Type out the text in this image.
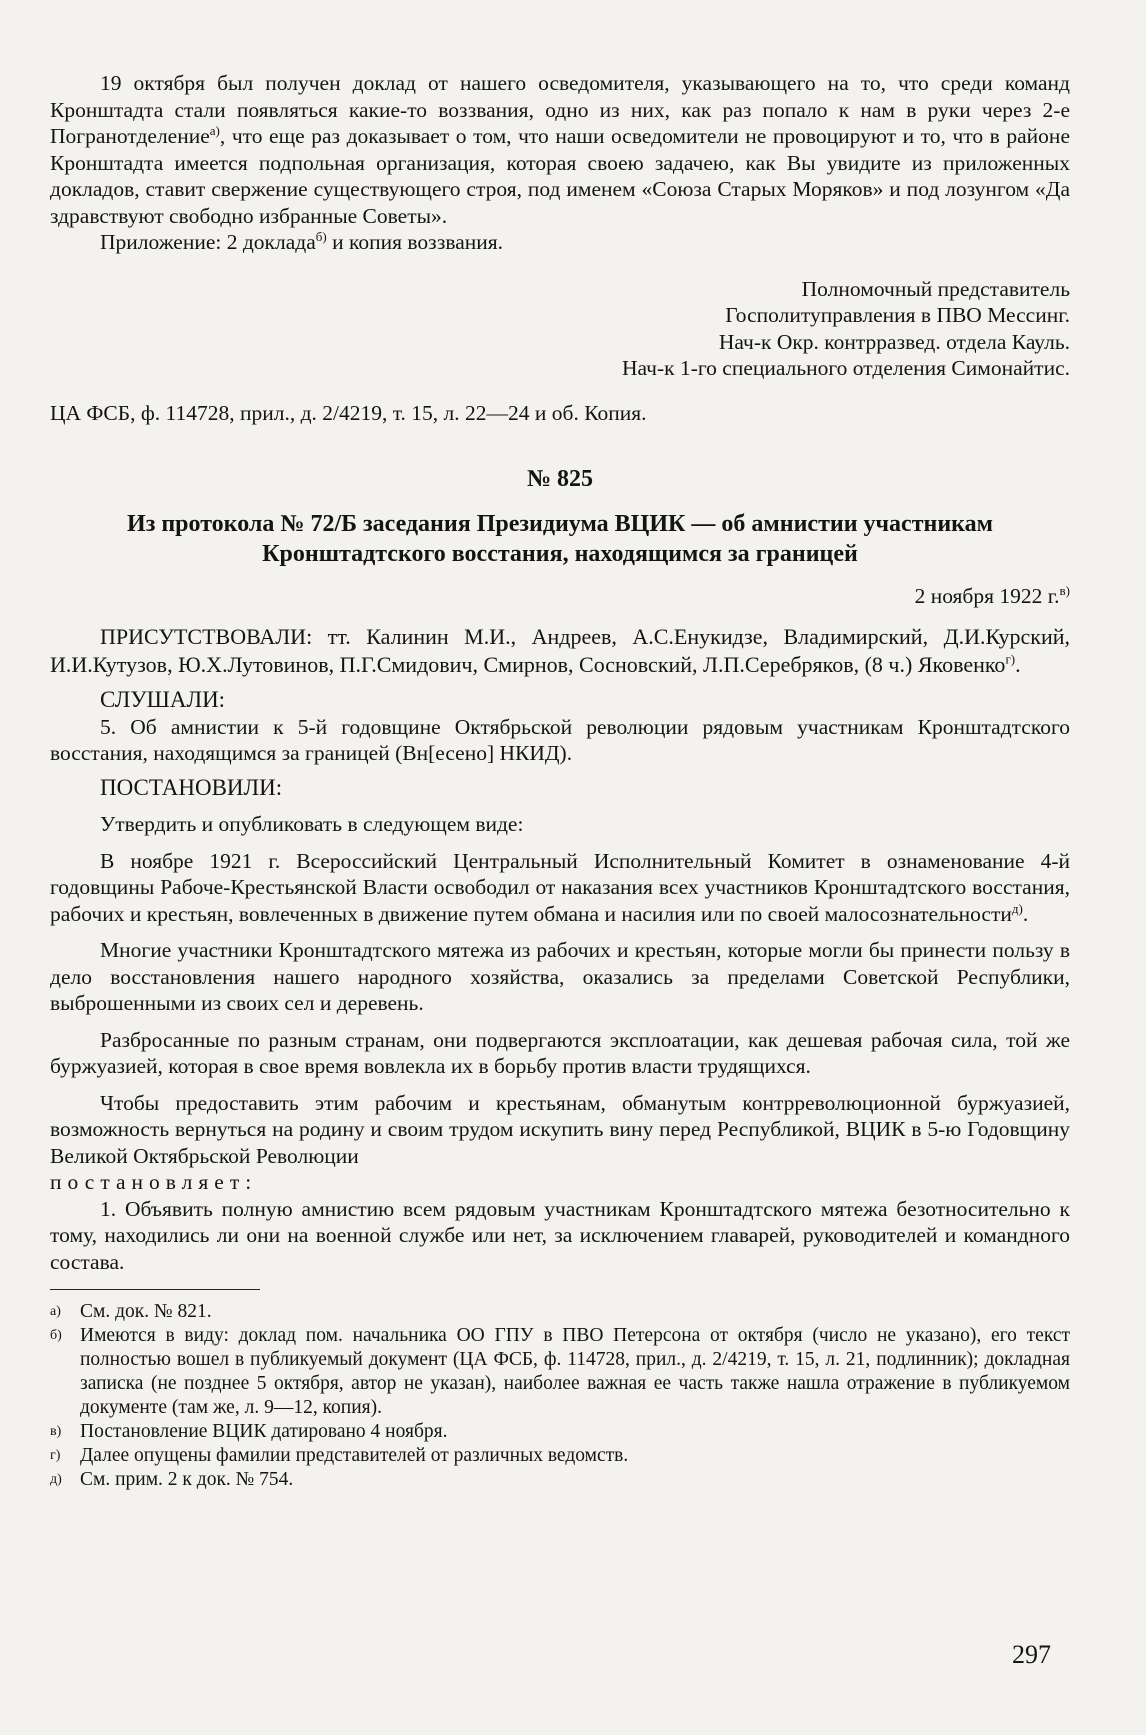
19 октября был получен доклад от нашего осведомителя, указывающего на то, что среди команд Кронштадта стали появляться какие-то воззвания, одно из них, как раз попало к нам в руки через 2-е Погранотделение$^{а)}$, что еще раз доказывает о том, что наши осведомители не провоцируют и то, что в районе Кронштадта имеется подпольная организация, которая своею задачею, как Вы увидите из приложенных докладов, ставит свержение существующего строя, под именем «Союза Старых Моряков» и под лозунгом «Да здравствуют свободно избранные Советы».

Приложение: 2 доклада$^{б)}$ и копия воззвания.

Полномочный представитель

Госполитуправления в ПВО Мессинг.

Нач-к Окр. контрразвед. отдела Кауль.

Нач-к 1-го специального отделения Симонайтис.

ЦА ФСБ, ф. 114728, прил., д. 2/4219, т. 15, л. 22—24 и об. Копия.

№ 825
Из протокола № 72/Б заседания Президиума ВЦИК — об амнистии участникам Кронштадтского восстания, находящимся за границей
2 ноября 1922 г.$^{в)}$

ПРИСУТСТВОВАЛИ: тт. Калинин М.И., Андреев, А.С.Енукидзе, Владимирский, Д.И.Курский, И.И.Кутузов, Ю.Х.Лутовинов, П.Г.Смидович, Смирнов, Сосновский, Л.П.Серебряков, (8 ч.) Яковенко$^{г)}$.

СЛУШАЛИ:

5. Об амнистии к 5-й годовщине Октябрьской революции рядовым участникам Кронштадтского восстания, находящимся за границей (Вн[есено] НКИД).

ПОСТАНОВИЛИ:

Утвердить и опубликовать в следующем виде:

В ноябре 1921 г. Всероссийский Центральный Исполнительный Комитет в ознаменование 4-й годовщины Рабоче-Крестьянской Власти освободил от наказания всех участников Кронштадтского восстания, рабочих и крестьян, вовлеченных в движение путем обмана и насилия или по своей малосознательности$^{д)}$.

Многие участники Кронштадтского мятежа из рабочих и крестьян, которые могли бы принести пользу в дело восстановления нашего народного хозяйства, оказались за пределами Советской Республики, выброшенными из своих сел и деревень.

Разбросанные по разным странам, они подвергаются эксплоатации, как дешевая рабочая сила, той же буржуазией, которая в свое время вовлекла их в борьбу против власти трудящихся.

Чтобы предоставить этим рабочим и крестьянам, обманутым контрреволюционной буржуазией, возможность вернуться на родину и своим трудом искупить вину перед Республикой, ВЦИК в 5-ю Годовщину Великой Октябрьской Революции

постановляет:

1. Объявить полную амнистию всем рядовым участникам Кронштадтского мятежа безотносительно к тому, находились ли они на военной службе или нет, за исключением главарей, руководителей и командного состава.

а) См. док. № 821.

б) Имеются в виду: доклад пом. начальника ОО ГПУ в ПВО Петерсона от октября (число не указано), его текст полностью вошел в публикуемый документ (ЦА ФСБ, ф. 114728, прил., д. 2/4219, т. 15, л. 21, подлинник); докладная записка (не позднее 5 октября, автор не указан), наиболее важная ее часть также нашла отражение в публикуемом документе (там же, л. 9—12, копия).

в) Постановление ВЦИК датировано 4 ноября.

г) Далее опущены фамилии представителей от различных ведомств.

д) См. прим. 2 к док. № 754.

297
